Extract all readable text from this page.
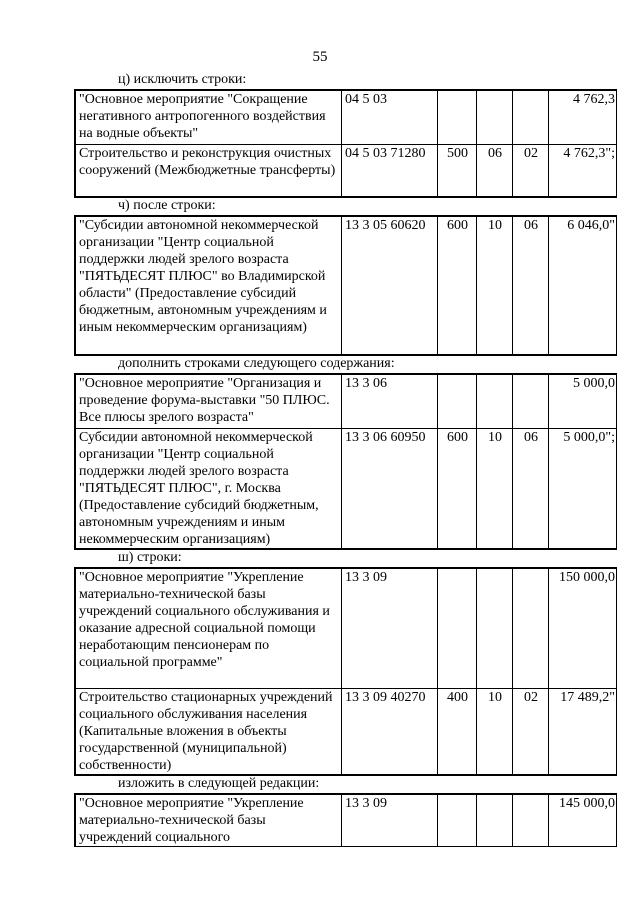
55
ц) исключить строки:
"Основное мероприятие "Сокращение негативного антропогенного воздействия на водные объекты"	04 5 03				4 762,3
Строительство и реконструкция очистных сооружений (Межбюджетные трансферты)	04 5 03 71280	500	06	02	4 762,3";
ч) после строки:
"Субсидии автономной некоммерческой организации "Центр социальной поддержки людей зрелого возраста "ПЯТЬДЕСЯТ ПЛЮС" во Владимирской области" (Предоставление субсидий бюджетным, автономным учреждениям и иным некоммерческим организациям)	13 3 05 60620	600	10	06	6 046,0"
дополнить строками следующего содержания:
"Основное мероприятие "Организация и проведение форума-выставки "50 ПЛЮС. Все плюсы зрелого возраста"	13 3 06				5 000,0
Субсидии автономной некоммерческой организации "Центр социальной поддержки людей зрелого возраста "ПЯТЬДЕСЯТ ПЛЮС", г. Москва (Предоставление субсидий бюджетным, автономным учреждениям и иным некоммерческим организациям)	13 3 06 60950	600	10	06	5 000,0";
ш) строки:
"Основное мероприятие "Укрепление материально-технической базы учреждений социального обслуживания и оказание адресной социальной помощи неработающим пенсионерам по социальной программе"	13 3 09				150 000,0
Строительство стационарных учреждений социального обслуживания населения (Капитальные вложения в объекты государственной (муниципальной) собственности)	13 3 09 40270	400	10	02	17 489,2"
изложить в следующей редакции:
"Основное мероприятие "Укрепление материально-технической базы учреждений социального	13 3 09				145 000,0
